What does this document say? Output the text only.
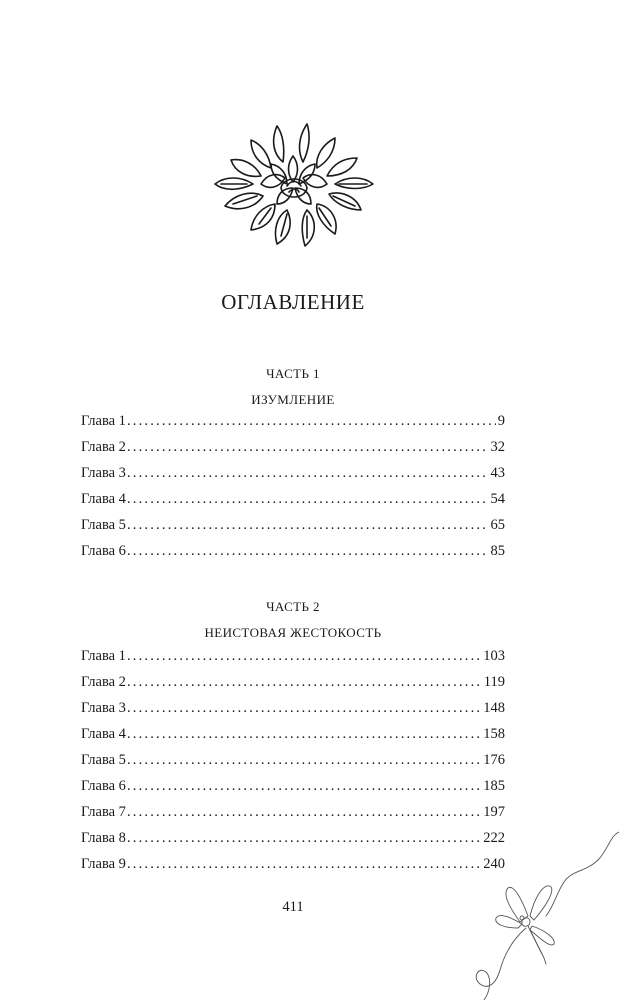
ОГЛАВЛЕНИЕ
ЧАСТЬ 1
ИЗУМЛЕНИЕ
Глава 1 .....	9
Глава 2 .....	32
Глава 3 .....	43
Глава 4 .....	54
Глава 5 .....	65
Глава 6 .....	85
ЧАСТЬ 2
НЕИСТОВАЯ ЖЕСТОКОСТЬ
Глава 1 .....	103
Глава 2 .....	119
Глава 3 .....	148
Глава 4 .....	158
Глава 5 .....	176
Глава 6 .....	185
Глава 7 .....	197
Глава 8 .....	222
Глава 9 .....	240
411
